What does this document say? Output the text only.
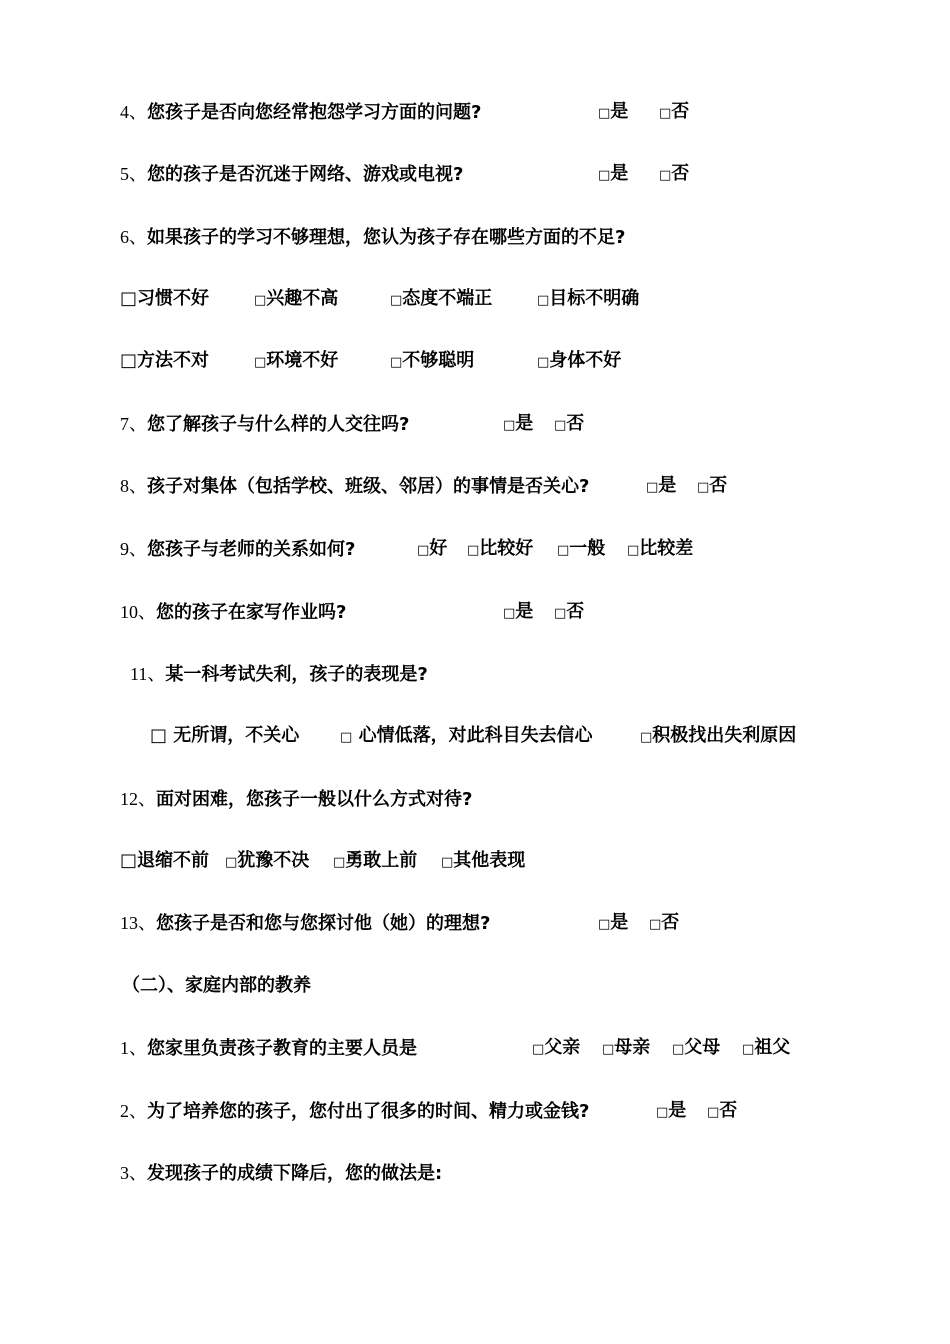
4、您孩子是否向您经常抱怨学习方面的问题?	□是 □否
5、您的孩子是否沉迷于网络、游戏或电视?	□是 □否
6、如果孩子的学习不够理想，您认为孩子存在哪些方面的不足?
□习惯不好	□兴趣不高	□态度不端正	□目标不明确
□方法不对	□环境不好	□不够聪明	□身体不好
7、您了解孩子与什么样的人交往吗?	□是 □否
8、孩子对集体（包括学校、班级、邻居）的事情是否关心?	□是 □否
9、您孩子与老师的关系如何?	□好 □比较好 □一般 □比较差
10、您的孩子在家写作业吗?	□是 □否
11、某一科考试失利，孩子的表现是?
□ 无所谓，不关心	□ 心情低落，对此科目失去信心	□积极找出失利原因
12、面对困难，您孩子一般以什么方式对待?
□退缩不前 □犹豫不决 □勇敢上前 □其他表现
13、您孩子是否和您与您探讨他（她）的理想?	□是 □否
（二）、家庭内部的教养
1、您家里负责孩子教育的主要人员是	□父亲 □母亲 □父母 □祖父
2、为了培养您的孩子，您付出了很多的时间、精力或金钱?	□是 □否
3、发现孩子的成绩下降后，您的做法是:
